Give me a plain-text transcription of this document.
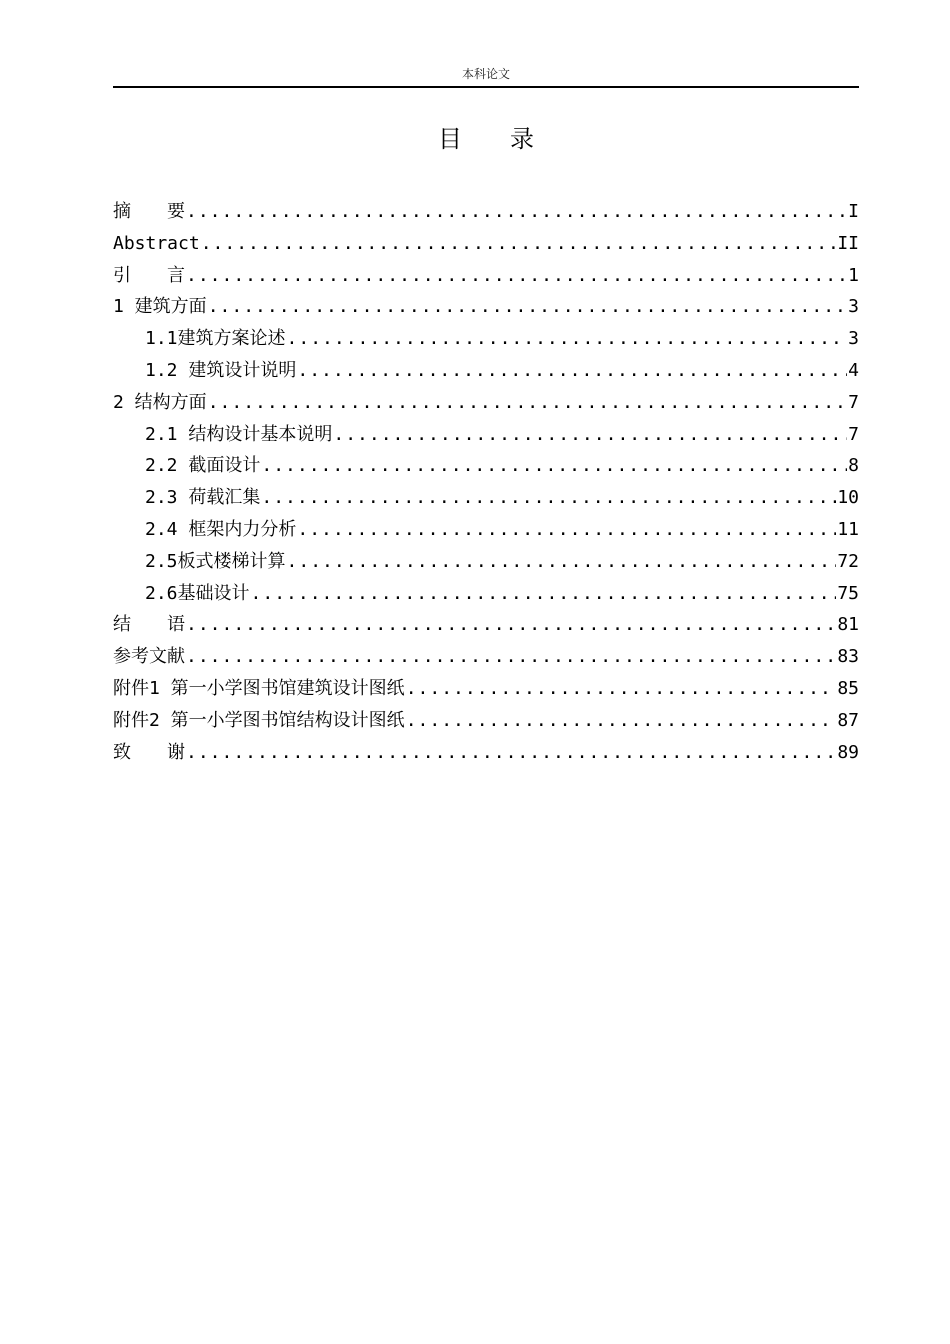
本科论文
目　　录
摘　　要 .....	I
Abstract .....	II
引　　言 .....	1
1 建筑方面 .....	3
1.1建筑方案论述 .....	3
1.2 建筑设计说明 .....	4
2 结构方面 .....	7
2.1 结构设计基本说明 .....	7
2.2 截面设计 .....	8
2.3 荷载汇集 .....	10
2.4 框架内力分析 .....	11
2.5板式楼梯计算 .....	72
2.6基础设计 .....	75
结　　语 .....	81
参考文献 .....	83
附件1 第一小学图书馆建筑设计图纸 .....	85
附件2 第一小学图书馆结构设计图纸 .....	87
致　　谢 .....	89
